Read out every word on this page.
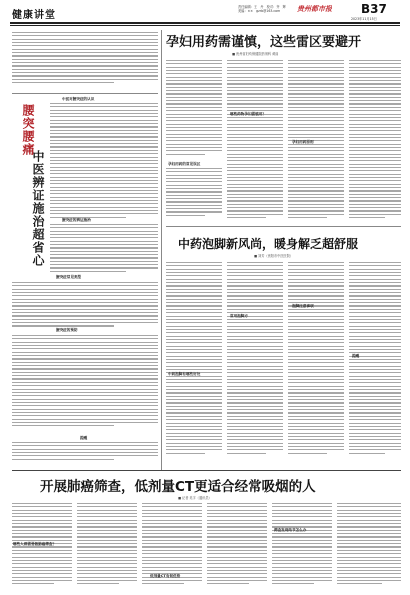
健康讲堂
责任编辑：王　丹　校对：齐　辉
美编：××　gzrb@163.com	贵州都市报 B37
2023年11月15日
腰突腰痛
中医辨证施治超省心
中医对腰突症的认识
腰突症的辨证施治
腰突症常见类型
腰突症的预防
提醒
孕妇用药需谨慎，这些雷区要避开
■ 贵州省妇幼保健院药剂科 黄丽
孕妇用药的常见误区
哪些药物孕妇需慎用？
孕妇用药原则
中药泡脚新风尚，暖身解乏超舒服
■ 刘芳（贵阳市中医医院）
中药泡脚有哪些好处
常用泡脚方
泡脚注意事项
提醒
开展肺癌筛查，低剂量CT更适合经常吸烟的人
■ 记者 吴宇（通讯员）
哪些人群需要做肺癌筛查？
低剂量CT有何优势
筛查发现结节怎么办
